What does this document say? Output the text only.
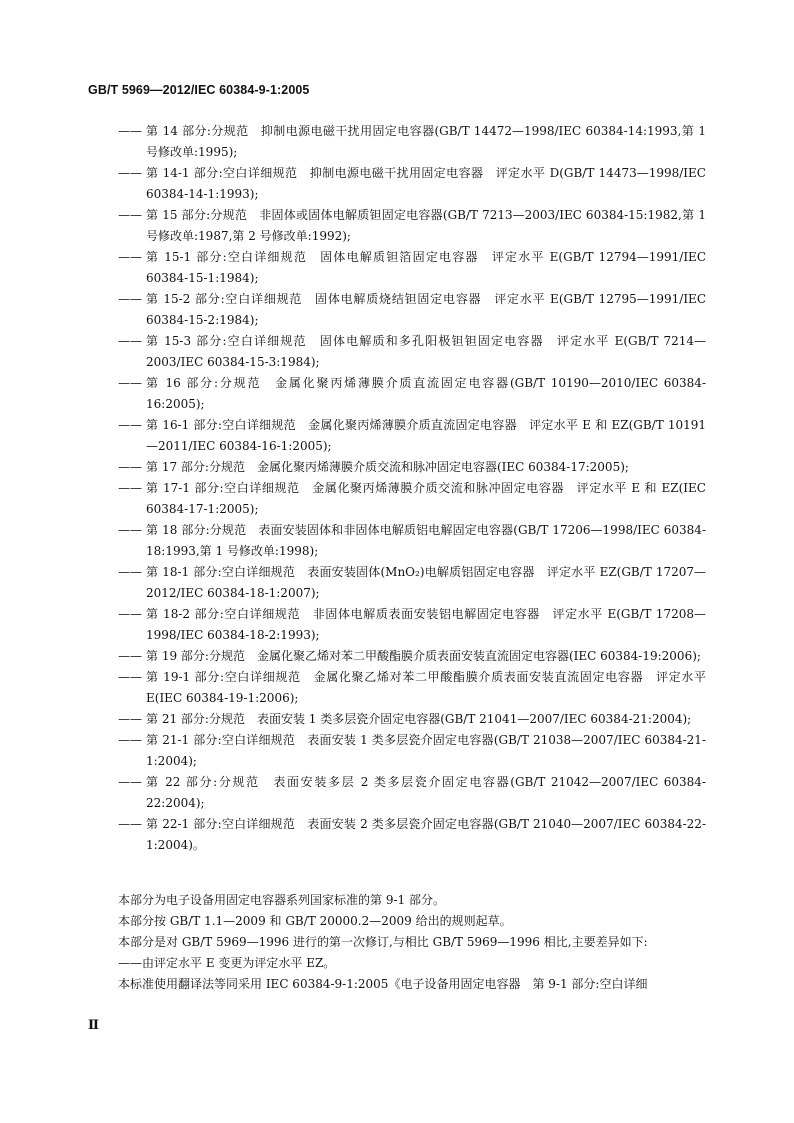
GB/T 5969—2012/IEC 60384-9-1:2005
—— 第 14 部分:分规范　抑制电源电磁干扰用固定电容器(GB/T 14472—1998/IEC 60384-14:1993,第 1 号修改单:1995);
—— 第 14-1 部分:空白详细规范　抑制电源电磁干扰用固定电容器　评定水平 D(GB/T 14473—1998/IEC 60384-14-1:1993);
—— 第 15 部分:分规范　非固体或固体电解质钽固定电容器(GB/T 7213—2003/IEC 60384-15:1982,第 1 号修改单:1987,第 2 号修改单:1992);
—— 第 15-1 部分:空白详细规范　固体电解质钽箔固定电容器　评定水平 E(GB/T 12794—1991/IEC 60384-15-1:1984);
—— 第 15-2 部分:空白详细规范　固体电解质烧结钽固定电容器　评定水平 E(GB/T 12795—1991/IEC 60384-15-2:1984);
—— 第 15-3 部分:空白详细规范　固体电解质和多孔阳极钽钽固定电容器　评定水平 E(GB/T 7214—2003/IEC 60384-15-3:1984);
—— 第 16 部分:分规范　金属化聚丙烯薄膜介质直流固定电容器(GB/T 10190—2010/IEC 60384-16:2005);
—— 第 16-1 部分:空白详细规范　金属化聚丙烯薄膜介质直流固定电容器　评定水平 E 和 EZ(GB/T 10191—2011/IEC 60384-16-1:2005);
—— 第 17 部分:分规范　金属化聚丙烯薄膜介质交流和脉冲固定电容器(IEC 60384-17:2005);
—— 第 17-1 部分:空白详细规范　金属化聚丙烯薄膜介质交流和脉冲固定电容器　评定水平 E 和 EZ(IEC 60384-17-1:2005);
—— 第 18 部分:分规范　表面安装固体和非固体电解质铝电解固定电容器(GB/T 17206—1998/IEC 60384-18:1993,第 1 号修改单:1998);
—— 第 18-1 部分:空白详细规范　表面安装固体(MnO₂)电解质铝固定电容器　评定水平 EZ(GB/T 17207—2012/IEC 60384-18-1:2007);
—— 第 18-2 部分:空白详细规范　非固体电解质表面安装铝电解固定电容器　评定水平 E(GB/T 17208—1998/IEC 60384-18-2:1993);
—— 第 19 部分:分规范　金属化聚乙烯对苯二甲酸酯膜介质表面安装直流固定电容器(IEC 60384-19:2006);
—— 第 19-1 部分:空白详细规范　金属化聚乙烯对苯二甲酸酯膜介质表面安装直流固定电容器　评定水平 E(IEC 60384-19-1:2006);
—— 第 21 部分:分规范　表面安装 1 类多层瓷介固定电容器(GB/T 21041—2007/IEC 60384-21:2004);
—— 第 21-1 部分:空白详细规范　表面安装 1 类多层瓷介固定电容器(GB/T 21038—2007/IEC 60384-21-1:2004);
—— 第 22 部分:分规范　表面安装多层 2 类多层瓷介固定电容器(GB/T 21042—2007/IEC 60384-22:2004);
—— 第 22-1 部分:空白详细规范　表面安装 2 类多层瓷介固定电容器(GB/T 21040—2007/IEC 60384-22-1:2004)。

本部分为电子设备用固定电容器系列国家标准的第 9-1 部分。

本部分按 GB/T 1.1—2009 和 GB/T 20000.2—2009 给出的规则起草。

本部分是对 GB/T 5969—1996 进行的第一次修订,与相比 GB/T 5969—1996 相比,主要差异如下:

——由评定水平 E 变更为评定水平 EZ。

本标准使用翻译法等同采用 IEC 60384-9-1:2005《电子设备用固定电容器　第 9-1 部分:空白详细

Ⅱ
